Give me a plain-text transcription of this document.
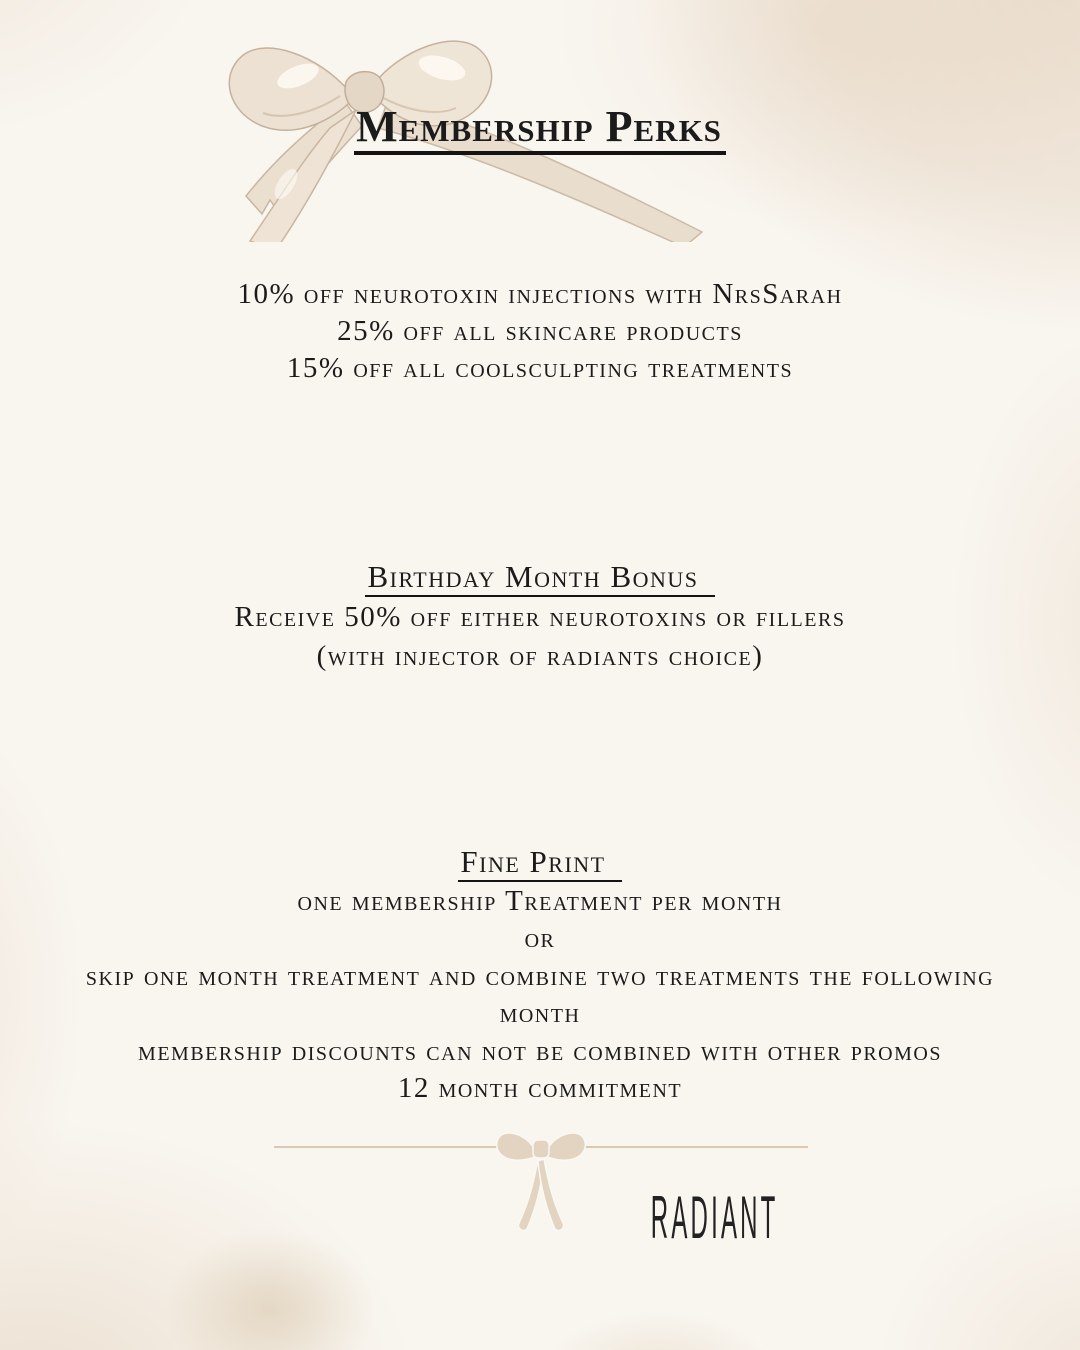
Membership Perks
10% off neurotoxin injections with NrsSarah
25% off all skincare products
15% off all coolsculpting treatments
Birthday Month Bonus
Receive 50% off either neurotoxins or fillers
(with injector of radiants choice)
Fine Print
one membership Treatment per month
or
skip one month treatment and combine two treatments the following
month
membership discounts can not be combined with other promos
12 month commitment
RADIANT
